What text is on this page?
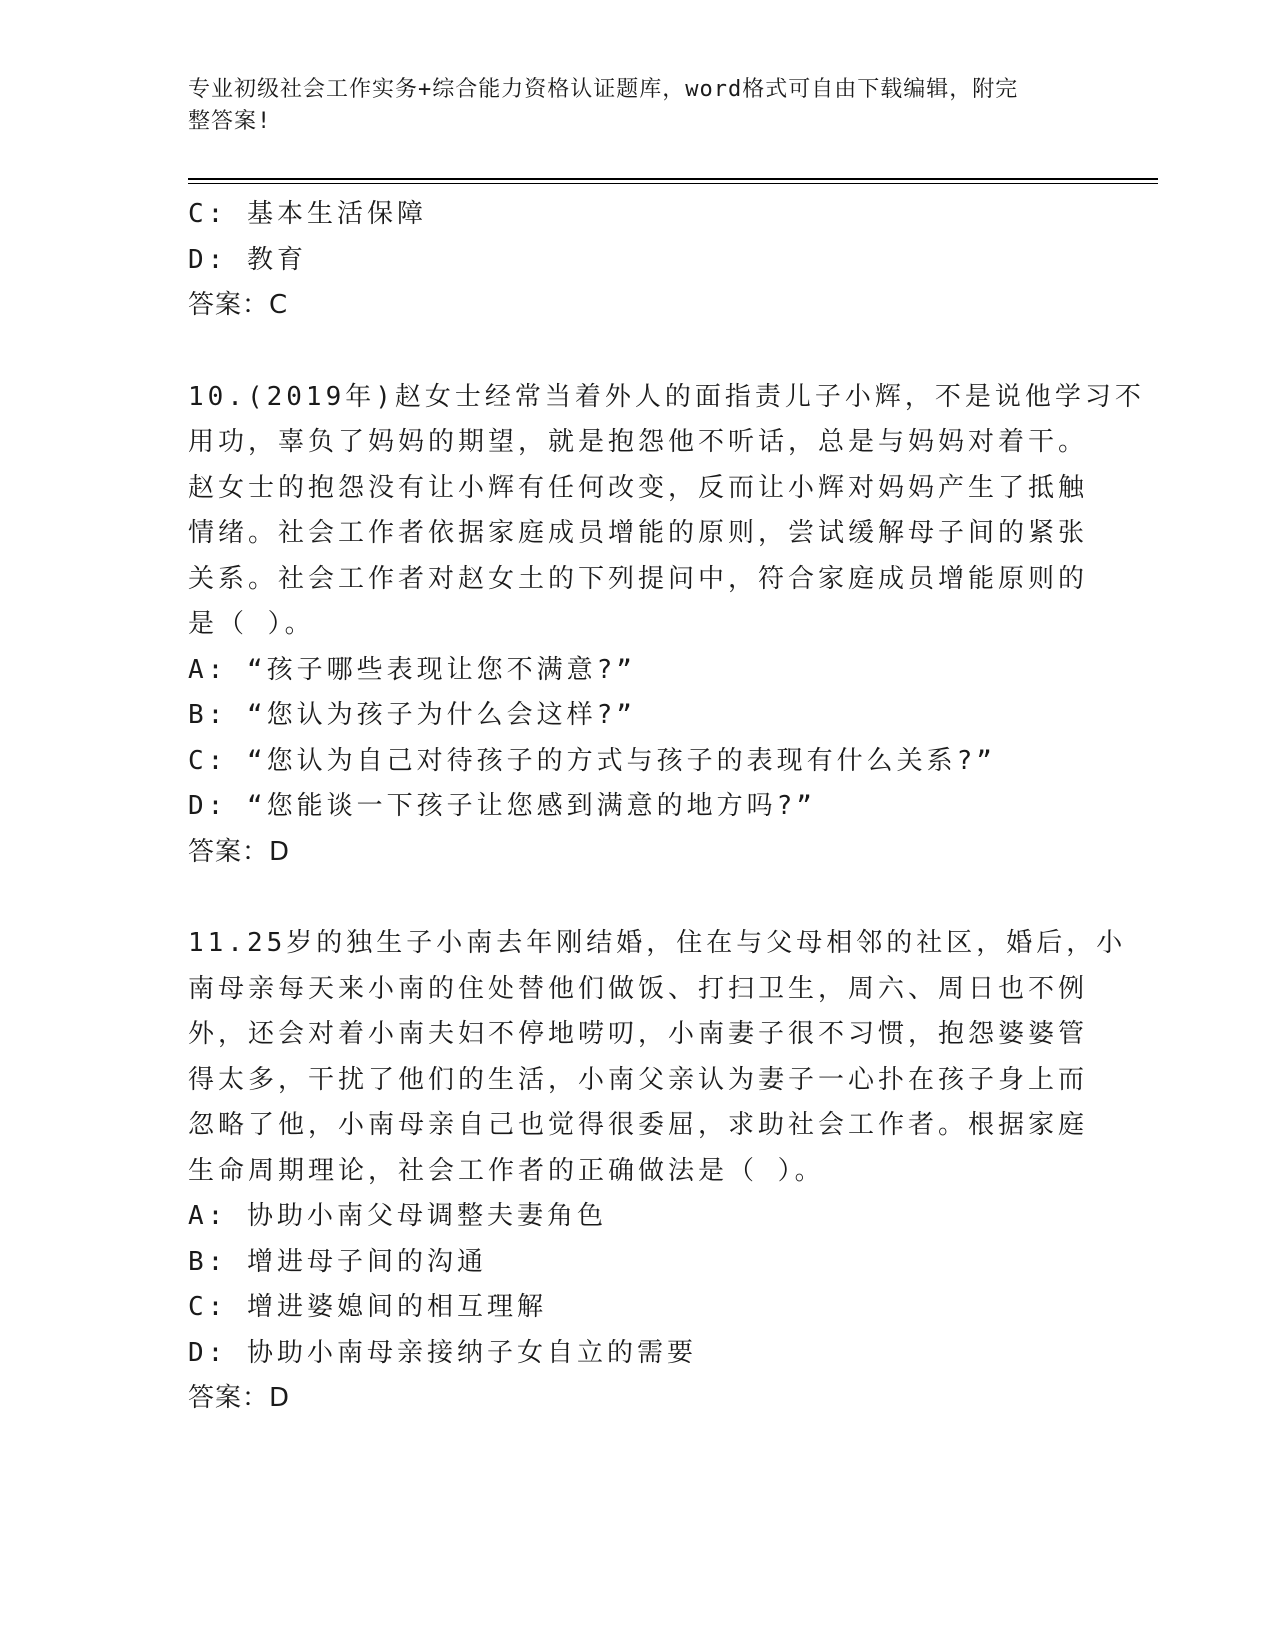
专业初级社会工作实务+综合能力资格认证题库，word格式可自由下载编辑，附完
整答案!
C: 基本生活保障
D: 教育
答案：C
10.(2019年)赵女士经常当着外人的面指责儿子小辉，不是说他学习不
用功，辜负了妈妈的期望，就是抱怨他不听话，总是与妈妈对着干。
赵女士的抱怨没有让小辉有任何改变，反而让小辉对妈妈产生了抵触
情绪。社会工作者依据家庭成员增能的原则，尝试缓解母子间的紧张
关系。社会工作者对赵女土的下列提问中，符合家庭成员增能原则的
是（ ）。
A: “孩子哪些表现让您不满意?”
B: “您认为孩子为什么会这样?”
C: “您认为自己对待孩子的方式与孩子的表现有什么关系?”
D: “您能谈一下孩子让您感到满意的地方吗?”
答案：D
11.25岁的独生子小南去年刚结婚，住在与父母相邻的社区，婚后，小
南母亲每天来小南的住处替他们做饭、打扫卫生，周六、周日也不例
外，还会对着小南夫妇不停地唠叨，小南妻子很不习惯，抱怨婆婆管
得太多，干扰了他们的生活，小南父亲认为妻子一心扑在孩子身上而
忽略了他，小南母亲自己也觉得很委屈，求助社会工作者。根据家庭
生命周期理论，社会工作者的正确做法是（ ）。
A: 协助小南父母调整夫妻角色
B: 增进母子间的沟通
C: 增进婆媳间的相互理解
D: 协助小南母亲接纳子女自立的需要
答案：D
